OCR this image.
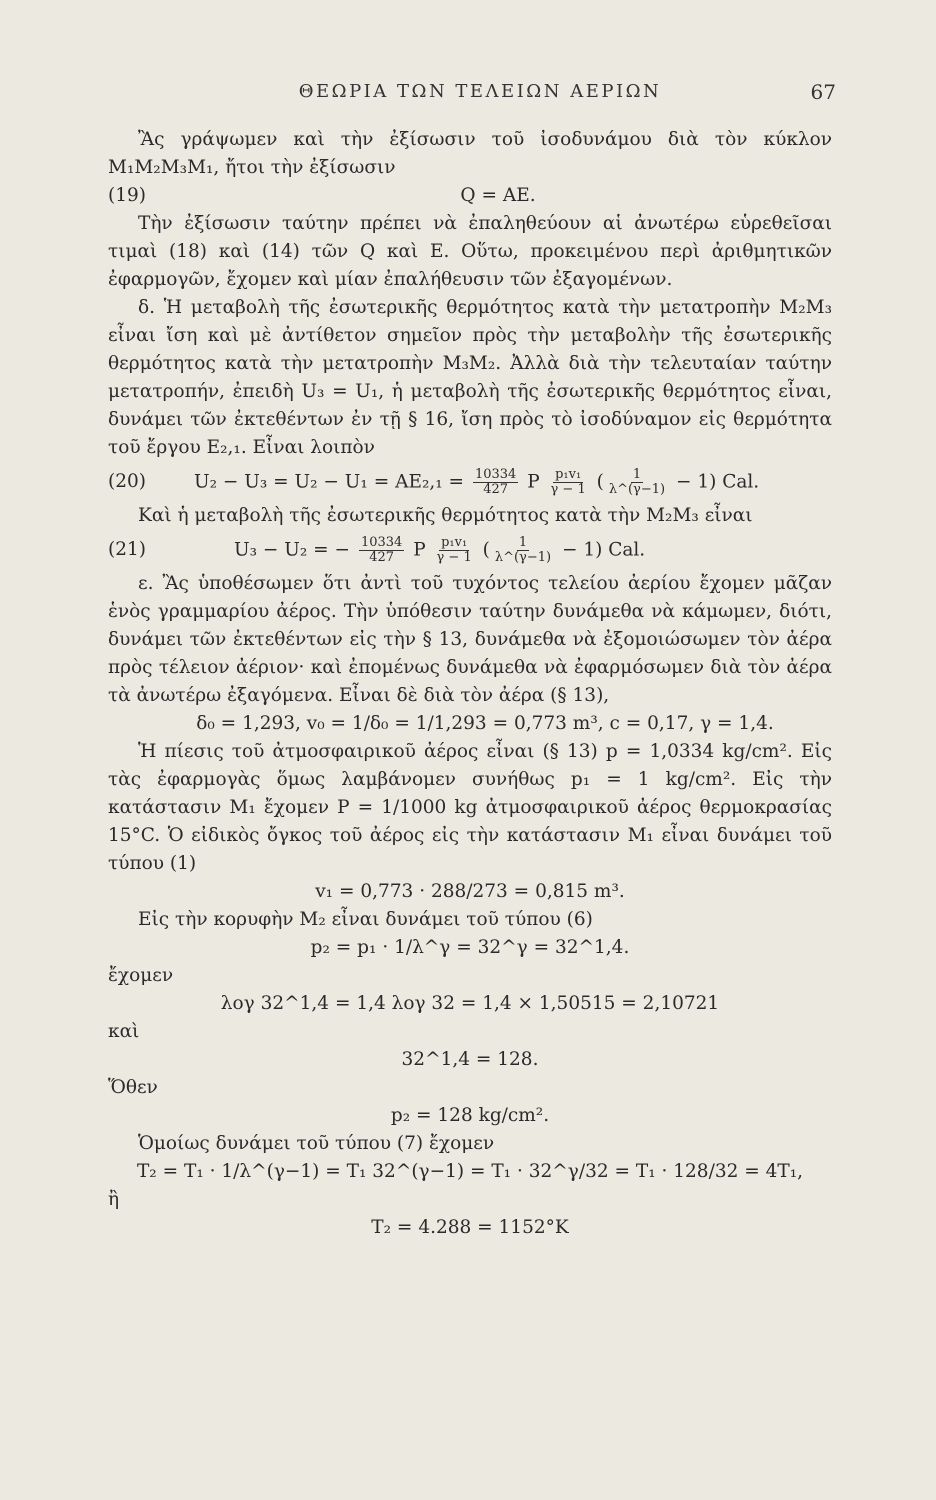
ΘΕΩΡΙΑ ΤΩΝ ΤΕΛΕΙΩΝ ΑΕΡΙΩΝ	67

Ἂς γράψωμεν καὶ τὴν ἐξίσωσιν τοῦ ἰσοδυνάμου διὰ τὸν κύκλον M₁M₂M₃M₁, ἤτοι τὴν ἐξίσωσιν

(19)	Q = AE.

Τὴν ἐξίσωσιν ταύτην πρέπει νὰ ἐπαληθεύουν αἱ ἀνωτέρω εὑρεθεῖσαι τιμαὶ (18) καὶ (14) τῶν Q καὶ E. Οὕτω, προκειμένου περὶ ἀριθμητικῶν ἐφαρμογῶν, ἔχομεν καὶ μίαν ἐπαλήθευσιν τῶν ἐξαγομένων.

δ. Ἡ μεταβολὴ τῆς ἐσωτερικῆς θερμότητος κατὰ τὴν μετατροπὴν M₂M₃ εἶναι ἴση καὶ μὲ ἀντίθετον σημεῖον πρὸς τὴν μεταβολὴν τῆς ἐσωτερικῆς θερμότητος κατὰ τὴν μετατροπὴν M₃M₂. Ἀλλὰ διὰ τὴν τελευταίαν ταύτην μετατροπήν, ἐπειδὴ U₃ = U₁, ἡ μεταβολὴ τῆς ἐσωτερικῆς θερμότητος εἶναι, δυνάμει τῶν ἐκτεθέντων ἐν τῇ § 16, ἴση πρὸς τὸ ἰσοδύναμον εἰς θερμότητα τοῦ ἔργου E₂,₁. Εἶναι λοιπὸν

(20)	$U_2 - U_3 = U_2 - U_1 = AE_2,_1 = \frac{10334}{427}$ P $\frac{\text{p₁v₁}}{\gamma - 1}$ ( $\frac{1}{\lambda\^{}(\gamma-1)} - 1$) Cal.

Καὶ ἡ μεταβολὴ τῆς ἐσωτερικῆς θερμότητος κατὰ τὴν M₂M₃ εἶναι

(21)	U₃ − U₂ = − $\frac{10334}{427}$ P $\frac{\text{p₁v₁}}{\gamma - 1}$ ( $\frac{1}{\lambda\^{}(\gamma-1)} - 1$) Cal.

ε. Ἂς ὑποθέσωμεν ὅτι ἀντὶ τοῦ τυχόντος τελείου ἀερίου ἔχομεν μᾶζαν ἑνὸς γραμμαρίου ἀέρος. Τὴν ὑπόθεσιν ταύτην δυνάμεθα νὰ κάμωμεν, διότι, δυνάμει τῶν ἐκτεθέντων εἰς τὴν § 13, δυνάμεθα νὰ ἐξομοιώσωμεν τὸν ἀέρα πρὸς τέλειον ἀέριον· καὶ ἐπομένως δυνάμεθα νὰ ἐφαρμόσωμεν διὰ τὸν ἀέρα τὰ ἀνωτέρω ἐξαγόμενα. Εἶναι δὲ διὰ τὸν ἀέρα (§ 13),

δ₀ = 1,293, v₀ = 1/δ₀ = 1/1,293 = 0,773 m³, c = 0,17, γ = 1,4.

Ἡ πίεσις τοῦ ἀτμοσφαιρικοῦ ἀέρος εἶναι (§ 13) p = 1,0334 kg/cm². Εἰς τὰς ἐφαρμογὰς ὅμως λαμβάνομεν συνήθως p₁ = 1 kg/cm². Εἰς τὴν κατάστασιν M₁ ἔχομεν P = 1/1000 kg ἀτμοσφαιρικοῦ ἀέρος θερμοκρασίας 15°C. Ὁ εἰδικὸς ὄγκος τοῦ ἀέρος εἰς τὴν κατάστασιν M₁ εἶναι δυνάμει τοῦ τύπου (1)

v₁ = 0,773 · 288/273 = 0,815 m³.

Εἰς τὴν κορυφὴν M₂ εἶναι δυνάμει τοῦ τύπου (6)

p₂ = p₁ · 1/λ^γ = 32^γ = 32^1,4.
ἔχομεν
λογ 32^1,4 = 1,4 λογ 32 = 1,4 × 1,50515 = 2,10721
καὶ
32^1,4 = 128.
Ὅθεν
p₂ = 128 kg/cm².

Ὁμοίως δυνάμει τοῦ τύπου (7) ἔχομεν

T₂ = T₁ · 1/λ^(γ−1) = T₁ 32^(γ−1) = T₁ · 32^γ/32 = T₁ · 128/32 = 4T₁,
ἢ
T₂ = 4.288 = 1152°K
